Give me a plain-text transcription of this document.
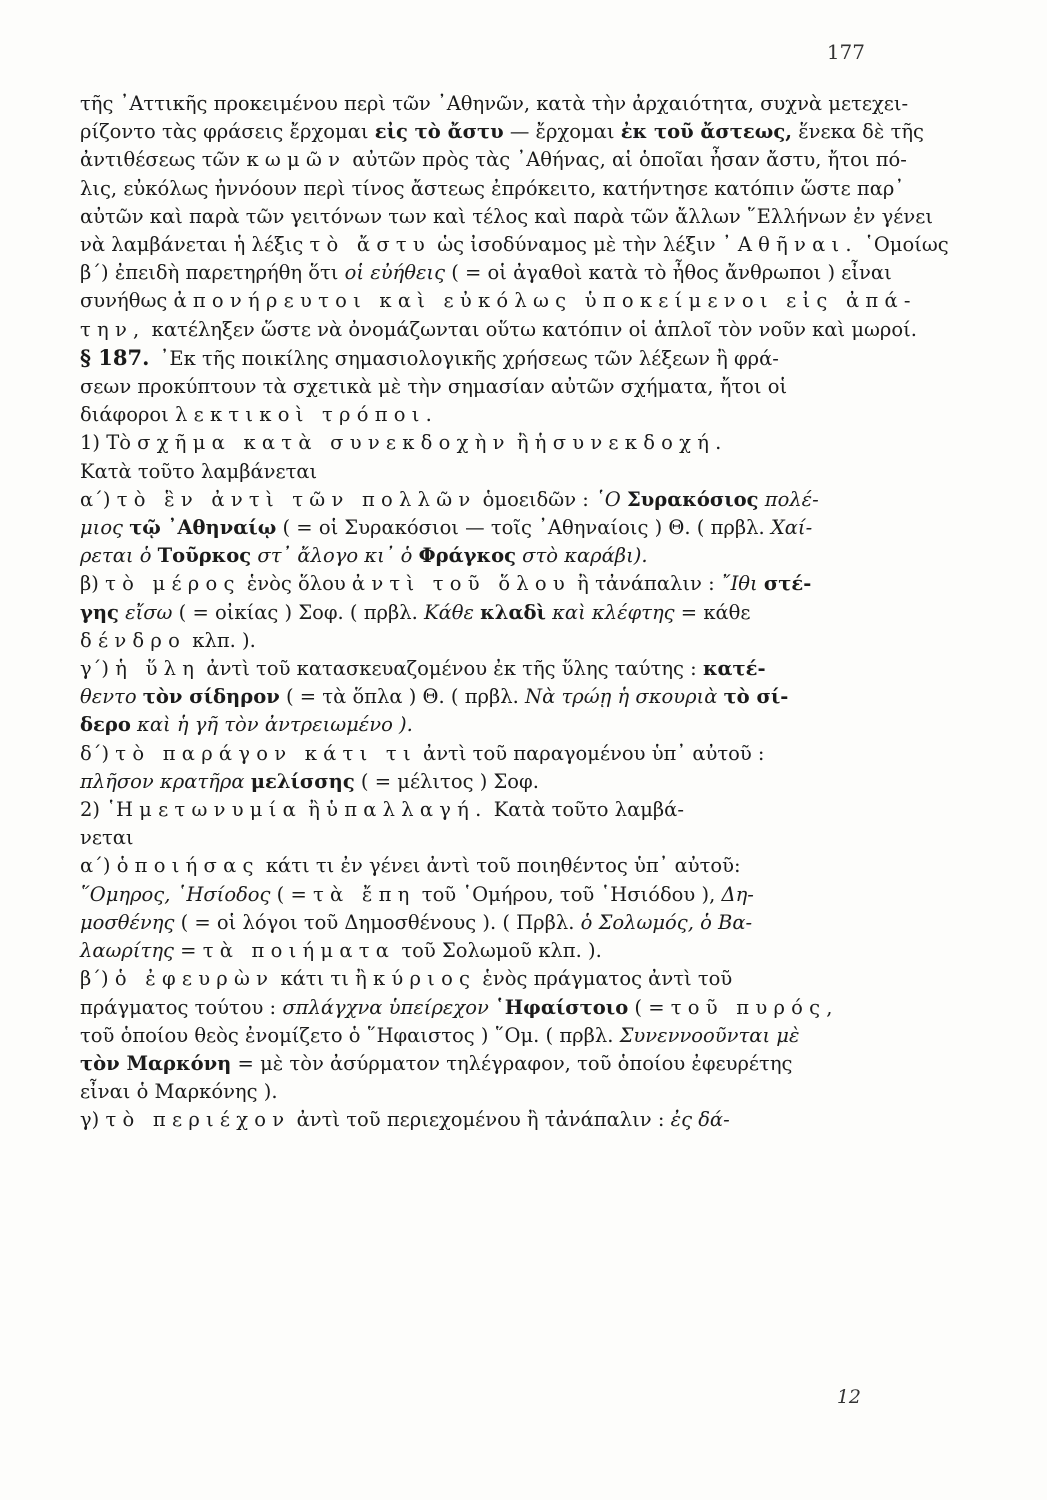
177
τῆς ᾿Αττικῆς προκειμένου περὶ τῶν ᾿Αθηνῶν, κατὰ τὴν ἀρχαιότητα, συχνὰ μετεχει-
ρίζοντο τὰς φράσεις ἔρχομαι εἰς τὸ ἄστυ — ἔρχομαι ἐκ τοῦ ἄστεως, ἕνεκα δὲ τῆς
ἀντιθέσεως τῶν κωμῶν αὐτῶν πρὸς τὰς ᾿Αθήνας, αἱ ὁποῖαι ἦσαν ἄστυ, ἤτοι πό-
λις, εὐκόλως ἠννόουν περὶ τίνος ἄστεως ἐπρόκειτο, κατήντησε κατόπιν ὥστε παρ᾿
αὐτῶν καὶ παρὰ τῶν γειτόνων των καὶ τέλος καὶ παρὰ τῶν ἄλλων ῞Ελλήνων ἐν γένει
νὰ λαμβάνεται ἡ λέξις τὸ ἄστυ ὡς ἰσοδύναμος μὲ τὴν λέξιν ᾿Αθῆναι. ῾Ομοίως
β΄) ἐπειδὴ παρετηρήθη ὅτι οἱ εὐήθεις ( = οἱ ἀγαθοὶ κατὰ τὸ ἦθος ἄνθρωποι ) εἶναι
συνήθως ἀπονήρευτοι καὶ εὐκόλως ὑποκείμενοι εἰς ἀπά-
την, κατέληξεν ὥστε νὰ ὀνομάζωνται οὕτω κατόπιν οἱ ἁπλοῖ τὸν νοῦν καὶ μωροί.
§ 187. ᾿Εκ τῆς ποικίλης σημασιολογικῆς χρήσεως τῶν λέξεων ἢ φρά-
σεων προκύπτουν τὰ σχετικὰ μὲ τὴν σημασίαν αὐτῶν σχήματα, ἤτοι οἱ
διάφοροι λεκτικοὶ τρόποι.
1) Τὸ σχῆμα κατὰ συνεκδοχὴν ἢ ἡ συνεκδοχή.
Κατὰ τοῦτο λαμβάνεται
α΄) τὸ ἓν ἀντὶ τῶν πολλῶν ὁμοειδῶν : ῾Ο Συρακόσιος πολέ-
μιος τῷ ᾿Αθηναίῳ ( = οἱ Συρακόσιοι — τοῖς ᾿Αθηναίοις ) Θ. ( πρβλ. Χαί-
ρεται ὁ Τοῦρκος στ᾿ ἄλογο κι᾿ ὁ Φράγκος στὸ καράβι).
β) τὸ μέρος ἑνὸς ὅλου ἀντὶ τοῦ ὅλου ἢ τἀνάπαλιν : ῎Ιθι στέ-
γης εἴσω ( = οἰκίας ) Σοφ. ( πρβλ. Κάθε κλαδὶ καὶ κλέφτης = κάθε
δένδρο κλπ. ).
γ΄) ἡ ὕλη ἀντὶ τοῦ κατασκευαζομένου ἐκ τῆς ὕλης ταύτης : κατέ-
θεντο τὸν σίδηρον ( = τὰ ὅπλα ) Θ. ( πρβλ. Νὰ τρώῃ ἡ σκουριὰ τὸ σί-
δερο καὶ ἡ γῆ τὸν ἀντρειωμένο ).
δ΄) τὸ παράγον κάτι τι ἀντὶ τοῦ παραγομένου ὑπ᾿ αὐτοῦ :
πλῆσον κρατῆρα μελίσσης ( = μέλιτος ) Σοφ.
2) ῾Η μετωνυμία ἢ ὑπαλλαγή. Κατὰ τοῦτο λαμβά-
νεται
α΄) ὁ ποιήσας κάτι τι ἐν γένει ἀντὶ τοῦ ποιηθέντος ὑπ᾿ αὐτοῦ:
῞Ομηρος, ῾Ησίοδος ( = τὰ ἔπη τοῦ ῾Ομήρου, τοῦ ῾Ησιόδου ), Δη-
μοσθένης ( = οἱ λόγοι τοῦ Δημοσθένους ). ( Πρβλ. ὁ Σολωμός, ὁ Βα-
λαωρίτης = τὰ ποιήματα τοῦ Σολωμοῦ κλπ. ).
β΄) ὁ ἐφευρὼν κάτι τι ἢ κύριος ἑνὸς πράγματος ἀντὶ τοῦ
πράγματος τούτου : σπλάγχνα ὑπείρεχον ῾Ηφαίστοιο ( = τοῦ πυρός,
τοῦ ὁποίου θεὸς ἐνομίζετο ὁ ῞Ηφαιστος ) ῞Ομ. ( πρβλ. Συνεννοοῦνται μὲ
τὸν Μαρκόνη = μὲ τὸν ἀσύρματον τηλέγραφον, τοῦ ὁποίου ἐφευρέτης
εἶναι ὁ Μαρκόνης ).
γ) τὸ περιέχον ἀντὶ τοῦ περιεχομένου ἢ τἀνάπαλιν : ἐς δά-
12
